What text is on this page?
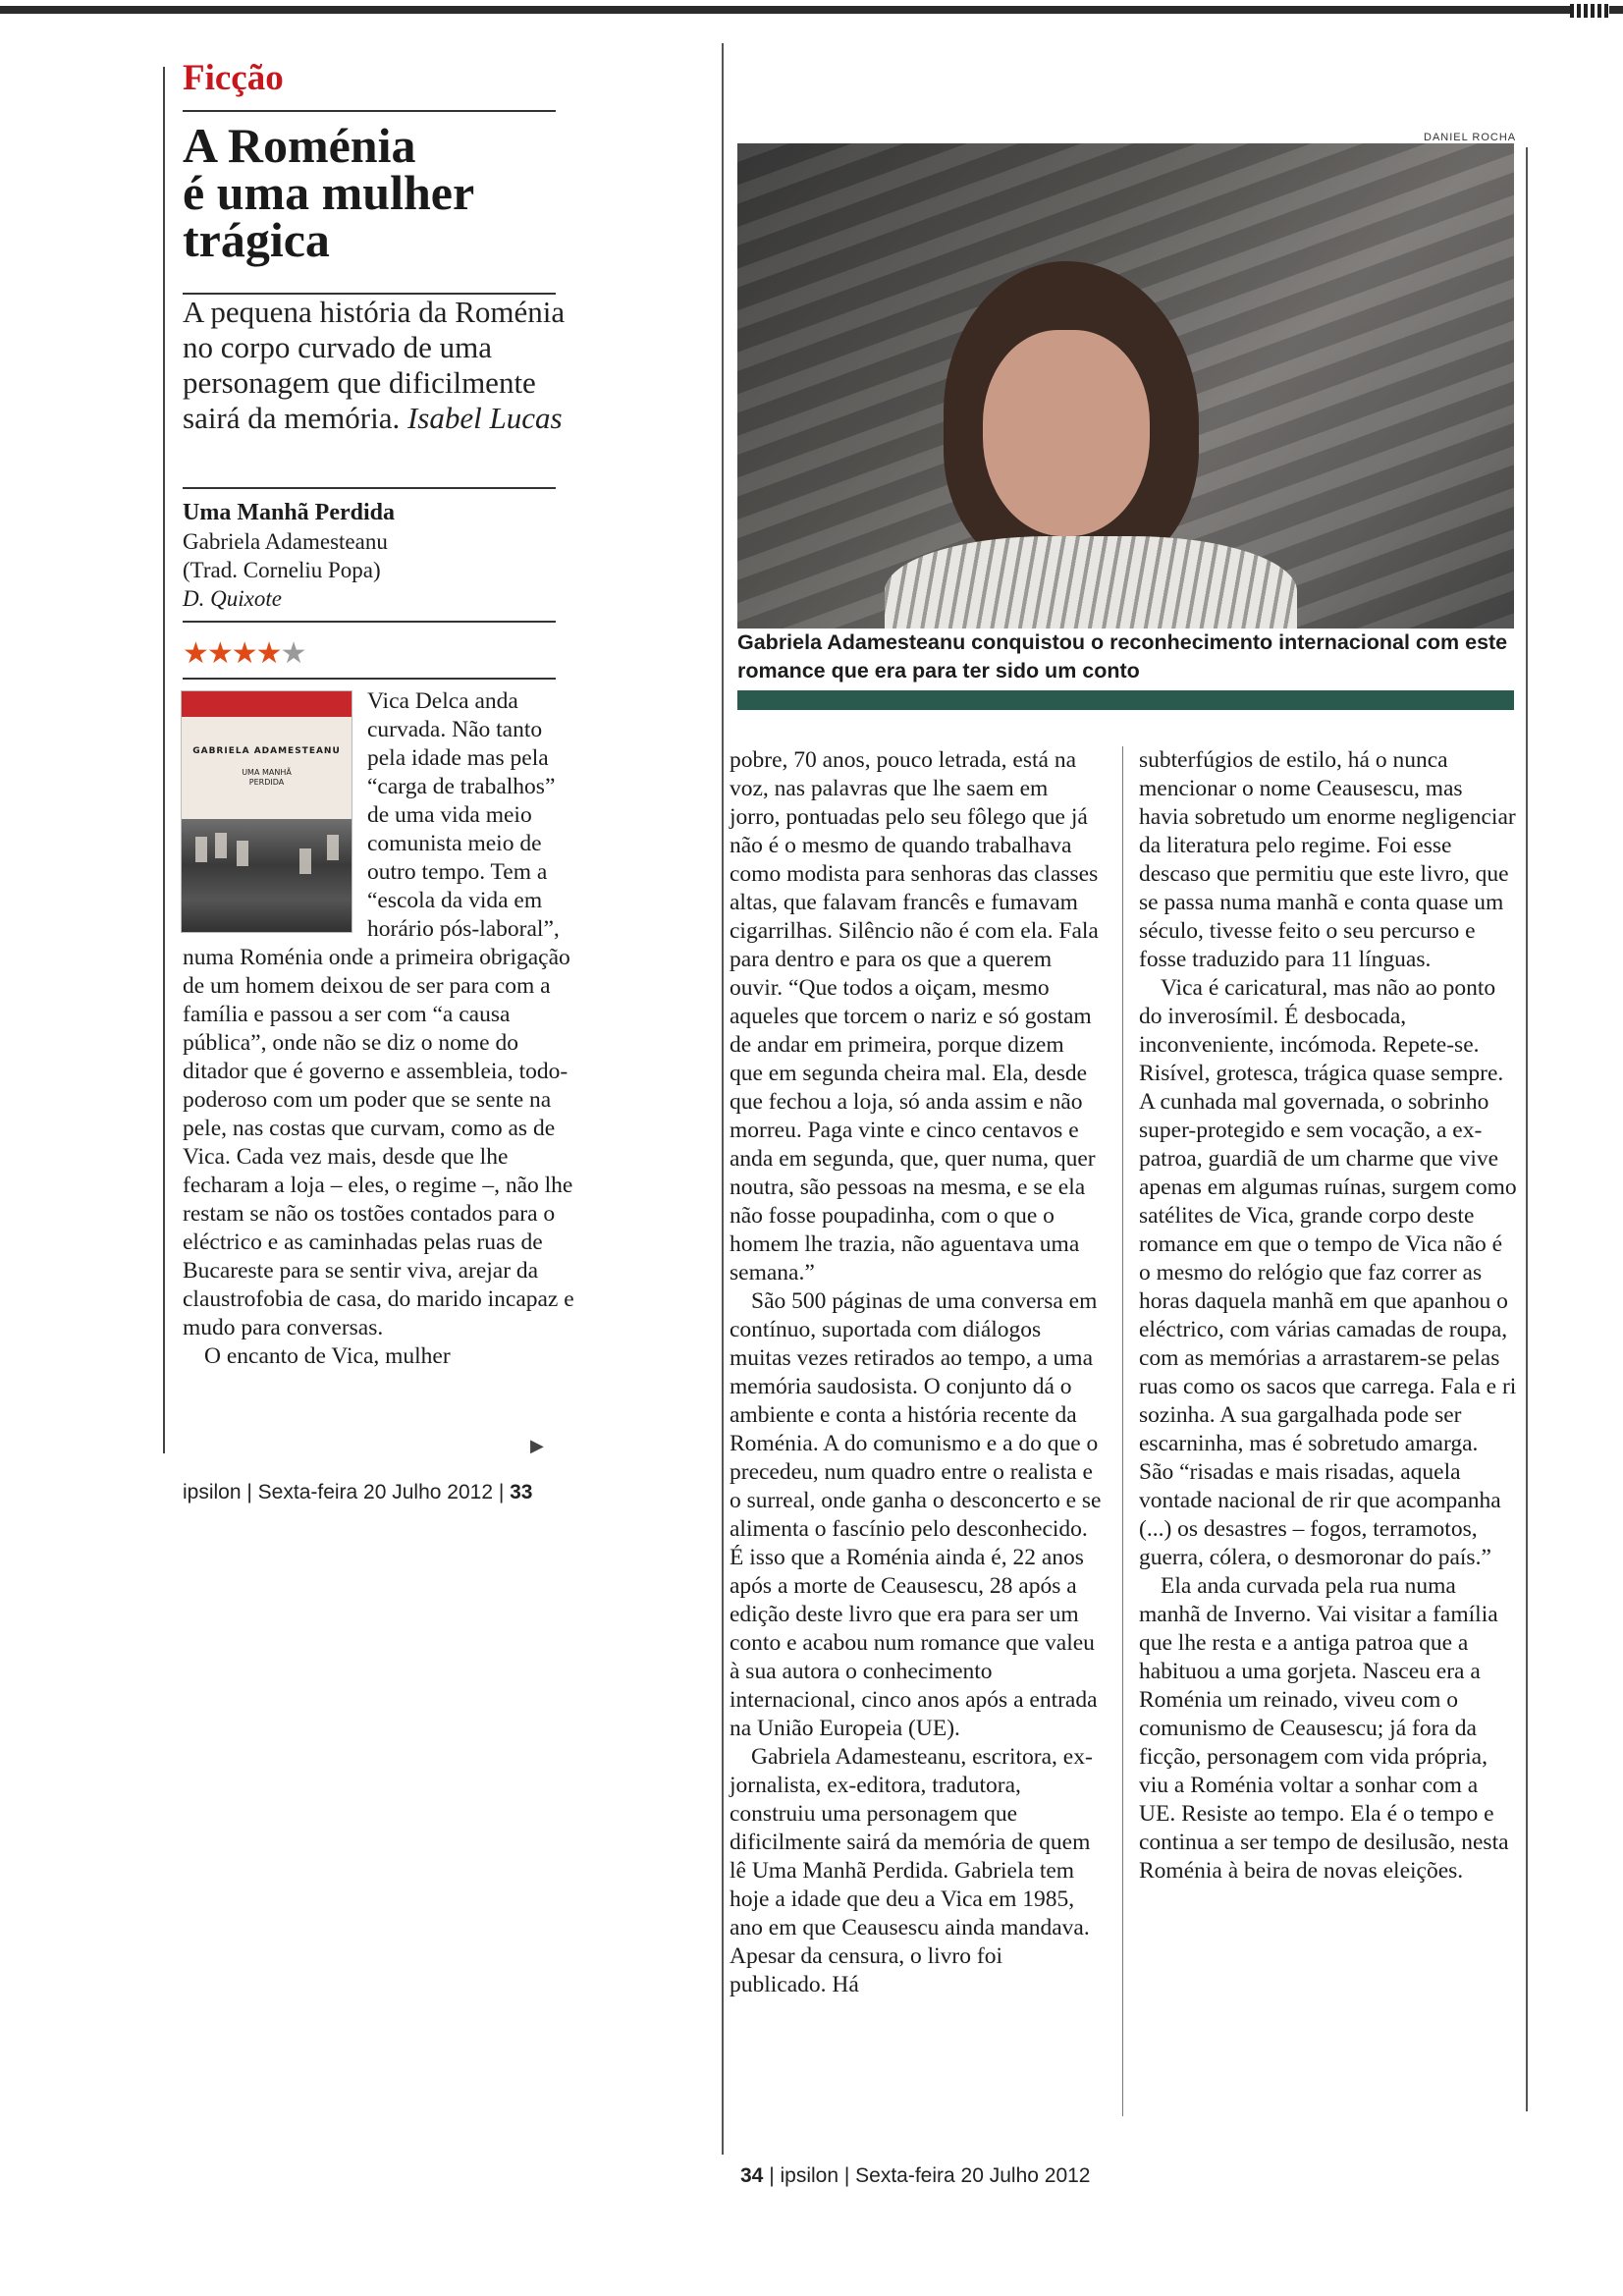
Ficção
A Roménia
é uma mulher
trágica
A pequena história da Roménia no corpo curvado de uma personagem que dificilmente sairá da memória. Isabel Lucas
Uma Manhã Perdida
Gabriela Adamesteanu
(Trad. Corneliu Popa)
D. Quixote
★★★★★
GABRIELA ADAMESTEANU
UMA MANHÃ
PERDIDA

Vica Delca anda curvada. Não tanto pela idade mas pela “carga de trabalhos” de uma vida meio comunista meio de outro tempo. Tem a “escola da vida em horário pós-laboral”, numa Roménia onde a primeira obrigação de um homem deixou de ser para com a família e passou a ser com “a causa pública”, onde não se diz o nome do ditador que é governo e assembleia, todo-poderoso com um poder que se sente na pele, nas costas que curvam, como as de Vica. Cada vez mais, desde que lhe fecharam a loja – eles, o regime –, não lhe restam se não os tostões contados para o eléctrico e as caminhadas pelas ruas de Bucareste para se sentir viva, arejar da claustrofobia de casa, do marido incapaz e mudo para conversas.

O encanto de Vica, mulher

▶
ipsilon | Sexta-feira 20 Julho 2012 | 33
DANIEL ROCHA
Gabriela Adamesteanu conquistou o reconhecimento internacional com este romance que era para ter sido um conto

pobre, 70 anos, pouco letrada, está na voz, nas palavras que lhe saem em jorro, pontuadas pelo seu fôlego que já não é o mesmo de quando trabalhava como modista para senhoras das classes altas, que falavam francês e fumavam cigarrilhas. Silêncio não é com ela. Fala para dentro e para os que a querem ouvir. “Que todos a oiçam, mesmo aqueles que torcem o nariz e só gostam de andar em primeira, porque dizem que em segunda cheira mal. Ela, desde que fechou a loja, só anda assim e não morreu. Paga vinte e cinco centavos e anda em segunda, que, quer numa, quer noutra, são pessoas na mesma, e se ela não fosse poupadinha, com o que o homem lhe trazia, não aguentava uma semana.”

São 500 páginas de uma conversa em contínuo, suportada com diálogos muitas vezes retirados ao tempo, a uma memória saudosista. O conjunto dá o ambiente e conta a história recente da Roménia. A do comunismo e a do que o precedeu, num quadro entre o realista e o surreal, onde ganha o desconcerto e se alimenta o fascínio pelo desconhecido. É isso que a Roménia ainda é, 22 anos após a morte de Ceausescu, 28 após a edição deste livro que era para ser um conto e acabou num romance que valeu à sua autora o conhecimento internacional, cinco anos após a entrada na União Europeia (UE).

Gabriela Adamesteanu, escritora, ex-jornalista, ex-editora, tradutora, construiu uma personagem que dificilmente sairá da memória de quem lê Uma Manhã Perdida. Gabriela tem hoje a idade que deu a Vica em 1985, ano em que Ceausescu ainda mandava. Apesar da censura, o livro foi publicado. Há

subterfúgios de estilo, há o nunca mencionar o nome Ceausescu, mas havia sobretudo um enorme negligenciar da literatura pelo regime. Foi esse descaso que permitiu que este livro, que se passa numa manhã e conta quase um século, tivesse feito o seu percurso e fosse traduzido para 11 línguas.

Vica é caricatural, mas não ao ponto do inverosímil. É desbocada, inconveniente, incómoda. Repete-se. Risível, grotesca, trágica quase sempre. A cunhada mal governada, o sobrinho super-protegido e sem vocação, a ex-patroa, guardiã de um charme que vive apenas em algumas ruínas, surgem como satélites de Vica, grande corpo deste romance em que o tempo de Vica não é o mesmo do relógio que faz correr as horas daquela manhã em que apanhou o eléctrico, com várias camadas de roupa, com as memórias a arrastarem-se pelas ruas como os sacos que carrega. Fala e ri sozinha. A sua gargalhada pode ser escarninha, mas é sobretudo amarga. São “risadas e mais risadas, aquela vontade nacional de rir que acompanha (...) os desastres – fogos, terramotos, guerra, cólera, o desmoronar do país.”

Ela anda curvada pela rua numa manhã de Inverno. Vai visitar a família que lhe resta e a antiga patroa que a habituou a uma gorjeta. Nasceu era a Roménia um reinado, viveu com o comunismo de Ceausescu; já fora da ficção, personagem com vida própria, viu a Roménia voltar a sonhar com a UE. Resiste ao tempo. Ela é o tempo e continua a ser tempo de desilusão, nesta Roménia à beira de novas eleições.

34 | ipsilon | Sexta-feira 20 Julho 2012
